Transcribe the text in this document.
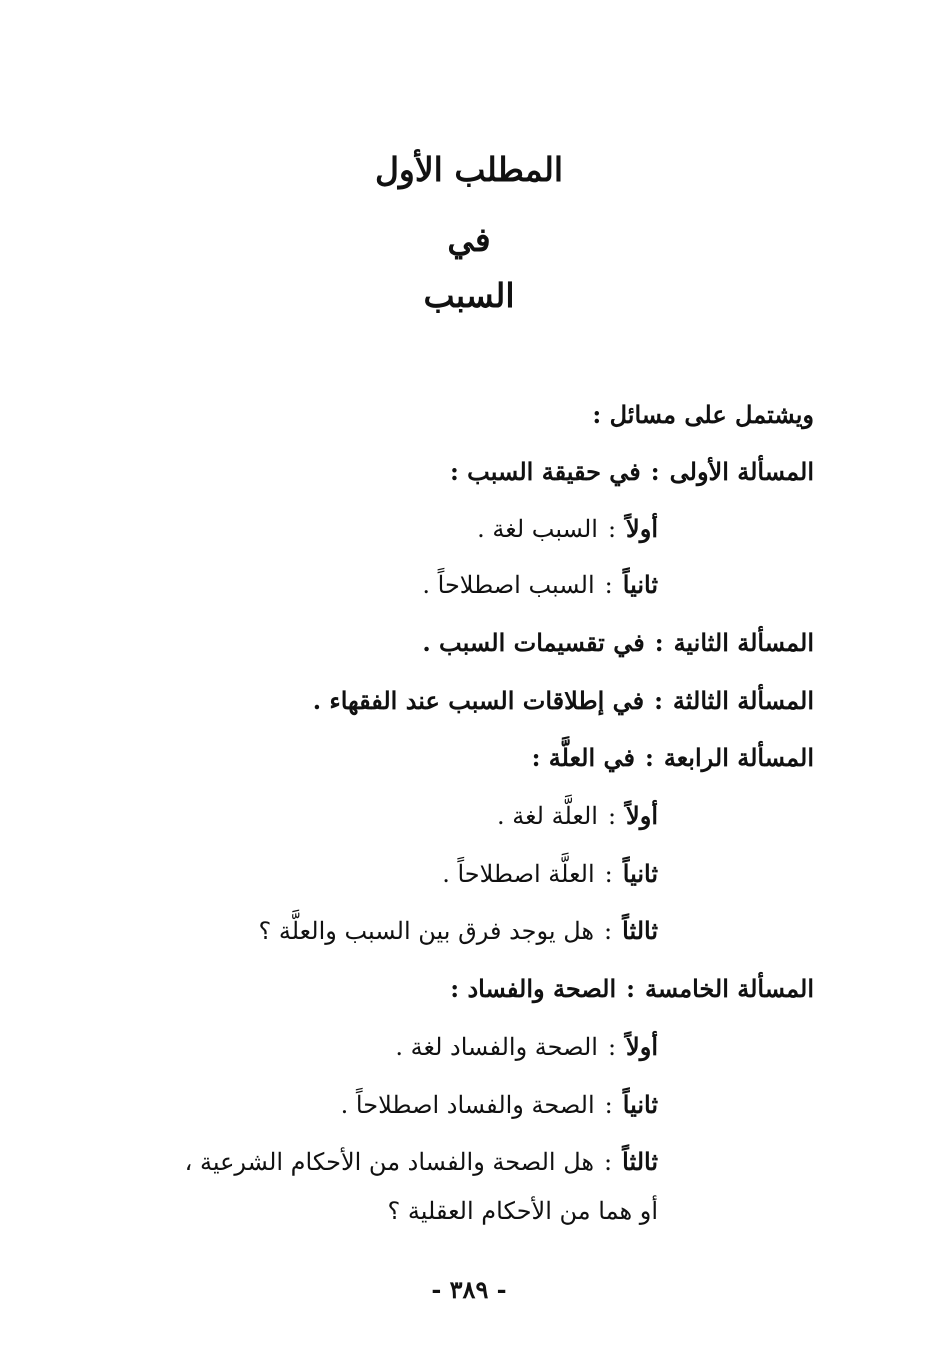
المطلب الأول
في
السبب
ويشتمل على مسائل :
المسألة الأولى:في حقيقة السبب :
أولاً:السبب لغة .
ثانياً:السبب اصطلاحاً .
المسألة الثانية:في تقسيمات السبب .
المسألة الثالثة:في إطلاقات السبب عند الفقهاء .
المسألة الرابعة:في العلَّة :
أولاً:العلَّة لغة .
ثانياً:العلَّة اصطلاحاً .
ثالثاً:هل يوجد فرق بين السبب والعلَّة ؟
المسألة الخامسة:الصحة والفساد :
أولاً:الصحة والفساد لغة .
ثانياً:الصحة والفساد اصطلاحاً .
ثالثاً:هل الصحة والفساد من الأحكام الشرعية ،
أو هما من الأحكام العقلية ؟
- ٣٨٩ -
